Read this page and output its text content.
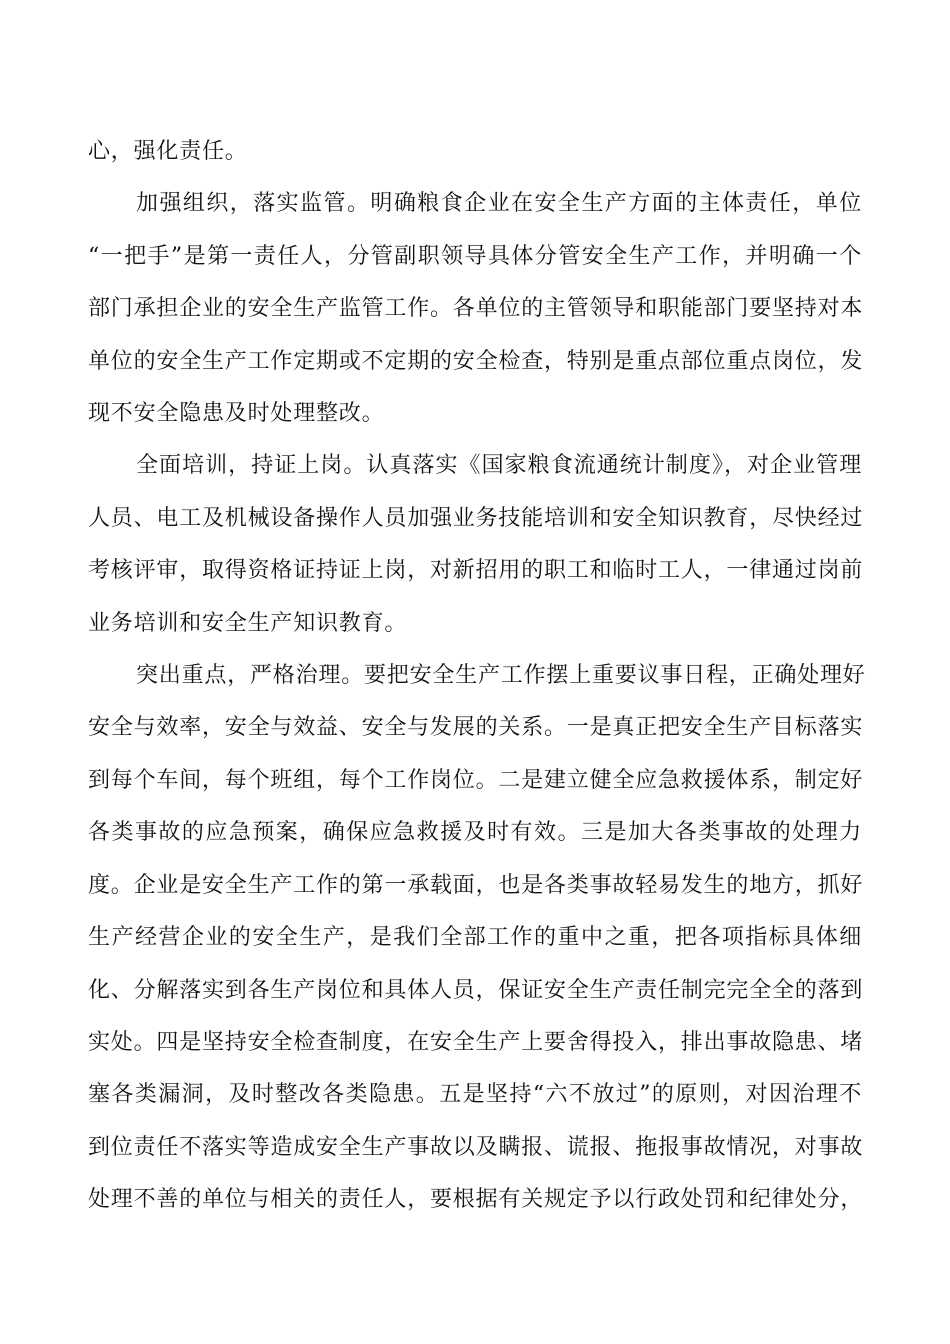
心，强化责任。

加强组织，落实监管。明确粮食企业在安全生产方面的主体责任，单位
“一把手”是第一责任人，分管副职领导具体分管安全生产工作，并明确一个
部门承担企业的安全生产监管工作。各单位的主管领导和职能部门要坚持对本
单位的安全生产工作定期或不定期的安全检查，特别是重点部位重点岗位，发
现不安全隐患及时处理整改。

全面培训，持证上岗。认真落实《国家粮食流通统计制度》，对企业管理
人员、电工及机械设备操作人员加强业务技能培训和安全知识教育，尽快经过
考核评审，取得资格证持证上岗，对新招用的职工和临时工人，一律通过岗前
业务培训和安全生产知识教育。

突出重点，严格治理。要把安全生产工作摆上重要议事日程，正确处理好
安全与效率，安全与效益、安全与发展的关系。一是真正把安全生产目标落实
到每个车间，每个班组，每个工作岗位。二是建立健全应急救援体系，制定好
各类事故的应急预案，确保应急救援及时有效。三是加大各类事故的处理力
度。企业是安全生产工作的第一承载面，也是各类事故轻易发生的地方，抓好
生产经营企业的安全生产，是我们全部工作的重中之重，把各项指标具体细
化、分解落实到各生产岗位和具体人员，保证安全生产责任制完完全全的落到
实处。四是坚持安全检查制度，在安全生产上要舍得投入，排出事故隐患、堵
塞各类漏洞，及时整改各类隐患。五是坚持“六不放过”的原则，对因治理不
到位责任不落实等造成安全生产事故以及瞒报、谎报、拖报事故情况，对事故
处理不善的单位与相关的责任人，要根据有关规定予以行政处罚和纪律处分，
